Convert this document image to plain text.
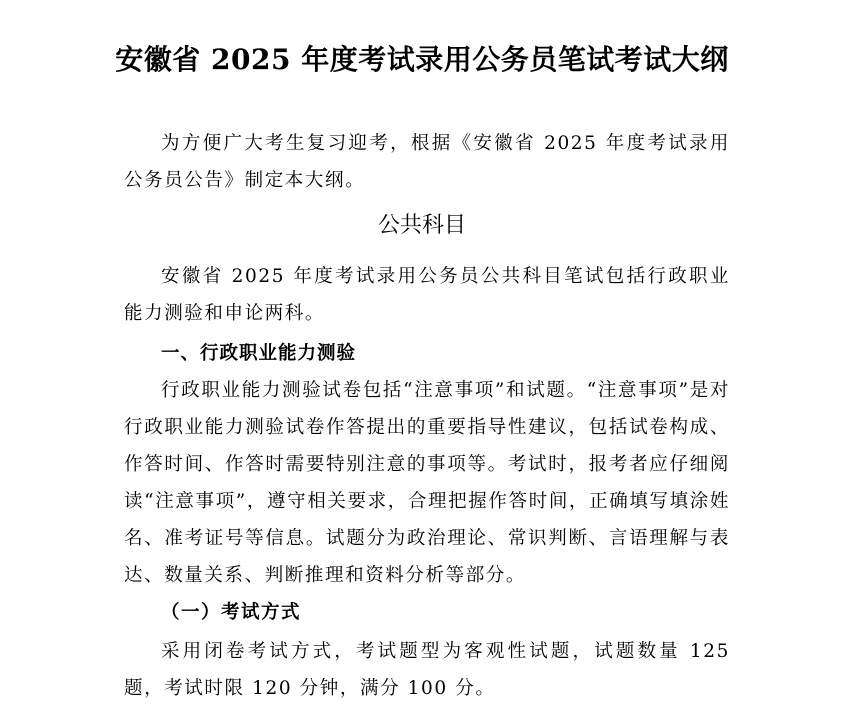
安徽省 2025 年度考试录用公务员笔试考试大纲
为方便广大考生复习迎考，根据《安徽省 2025 年度考试录用公务员公告》制定本大纲。
公共科目
安徽省 2025 年度考试录用公务员公共科目笔试包括行政职业能力测验和申论两科。
一、行政职业能力测验
行政职业能力测验试卷包括“注意事项”和试题。“注意事项”是对行政职业能力测验试卷作答提出的重要指导性建议，包括试卷构成、作答时间、作答时需要特别注意的事项等。考试时，报考者应仔细阅读“注意事项”，遵守相关要求，合理把握作答时间，正确填写填涂姓名、准考证号等信息。试题分为政治理论、常识判断、言语理解与表达、数量关系、判断推理和资料分析等部分。
（一）考试方式
采用闭卷考试方式，考试题型为客观性试题，试题数量 125 题，考试时限 120 分钟，满分 100 分。
